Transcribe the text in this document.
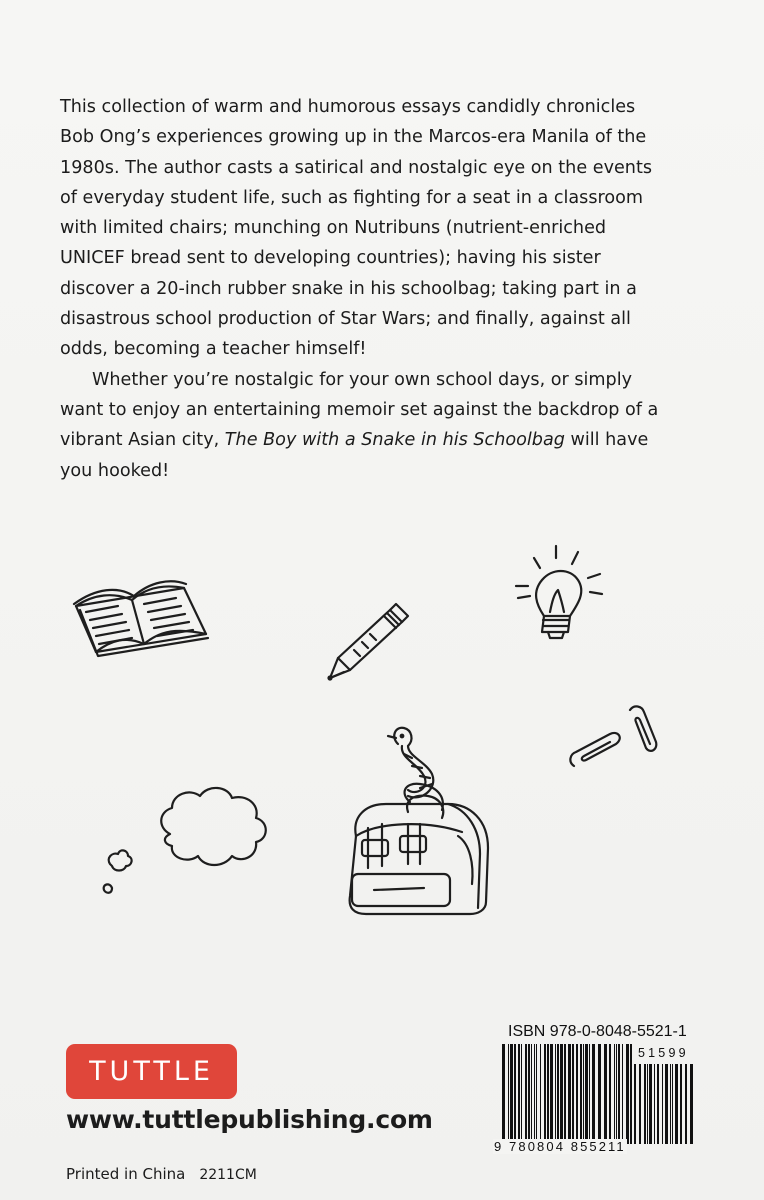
This collection of warm and humorous essays candidly chronicles
Bob Ong’s experiences growing up in the Marcos-era Manila of the
1980s. The author casts a satirical and nostalgic eye on the events
of everyday student life, such as fighting for a seat in a classroom
with limited chairs; munching on Nutribuns (nutrient-enriched
UNICEF bread sent to developing countries); having his sister
discover a 20-inch rubber snake in his schoolbag; taking part in a
disastrous school production of Star Wars; and finally, against all
odds, becoming a teacher himself!

Whether you’re nostalgic for your own school days, or simply
want to enjoy an entertaining memoir set against the backdrop of a
vibrant Asian city, The Boy with a Snake in his Schoolbag will have
you hooked!

ISBN 978-0-8048-5521-1
51599
9 780804 855211
TUTTLE
www.tuttlepublishing.com
Printed in China 2211CM
